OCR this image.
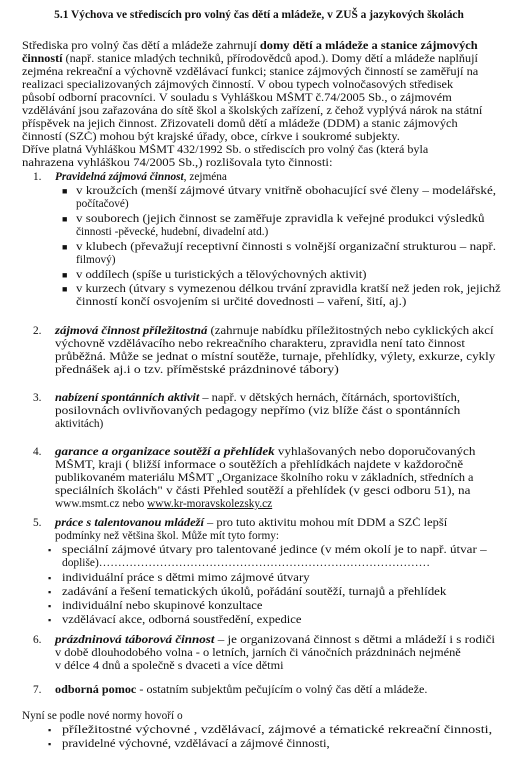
5.1 Výchova ve střediscích pro volný čas dětí a mládeže, v ZUŠ a jazykových školách
Střediska pro volný čas dětí a mládeže zahrnují domy dětí a mládeže a stanice zájmových
činností (např. stanice mladých techniků, přírodovědců apod.). Domy dětí a mládeže naplňují
zejména rekreační a výchovně vzdělávací funkci; stanice zájmových činností se zaměřují na
realizaci specializovaných zájmových činností. V obou typech volnočasových středisek
působí odborní pracovníci. V souladu s Vyhláškou MŠMT č.74/2005 Sb., o zájmovém
vzdělávání jsou zařazována do sítě škol a školských zařízení, z čehož vyplývá nárok na státní
příspěvek na jejich činnost. Zřizovateli domů dětí a mládeže (DDM) a stanic zájmových
činností (SZČ) mohou být krajské úřady, obce, církve i soukromé subjekty.
Dříve platná Vyhláškou MŠMT 432/1992 Sb. o střediscích pro volný čas (která byla
nahrazena vyhláškou 74/2005 Sb.,) rozlišovala tyto činnosti:
1. Pravidelná zájmová činnost, zejména
■ v kroužcích (menší zájmové útvary vnitřně obohacující své členy – modelářské,
počítačové)
■ v souborech (jejich činnost se zaměřuje zpravidla k veřejné produkci výsledků
činnosti -pěvecké, hudební, divadelní atd.)
■ v klubech (převažují receptivní činnosti s volnější organizační strukturou – např.
filmový)
■ v oddílech (spíše u turistických a tělovýchovných aktivit)
■ v kurzech (útvary s vymezenou délkou trvání zpravidla kratší než jeden rok, jejichž
činností končí osvojením si určité dovednosti – vaření, šití, aj.)
2. zájmová činnost příležitostná (zahrnuje nabídku příležitostných nebo cyklických akcí
výchovně vzdělávacího nebo rekreačního charakteru, zpravidla není tato činnost
průběžná. Může se jednat o místní soutěže, turnaje, přehlídky, výlety, exkurze, cykly
přednášek aj.i o tzv. příměstské prázdninové tábory)
3. nabízení spontánních aktivit – např. v dětských hernách, čítárnách, sportovištích,
posilovnách ovlivňovaných pedagogy nepřímo (viz blíže část o spontánních
aktivitách)
4. garance a organizace soutěží a přehlídek vyhlašovaných nebo doporučovaných
MŠMT, kraji ( bližší informace o soutěžích a přehlídkách najdete v každoročně
publikovaném materiálu MŠMT „Organizace školního roku v základních, středních a
speciálních školách" v části Přehled soutěží a přehlídek (v gesci odboru 51), na
www.msmt.cz nebo www.kr-moravskolezsky.cz
5. práce s talentovanou mládeží – pro tuto aktivitu mohou mít DDM a SZČ lepší
podmínky než většina škol. Může mít tyto formy:
▪ speciální zájmové útvary pro talentované jedince (v mém okolí je to např. útvar –
dopliše)……………………………………………………………………………
▪ individuální práce s dětmi mimo zájmové útvary
▪ zadávání a řešení tematických úkolů, pořádání soutěží, turnajů a přehlídek
▪ individuální nebo skupinové konzultace
▪ vzdělávací akce, odborná soustředění, expedice
6. prázdninová táborová činnost – je organizovaná činnost s dětmi a mládeží i s rodiči
v době dlouhodobého volna - o letních, jarních či vánočních prázdninách nejméně
v délce 4 dnů a společně s dvaceti a více dětmi
7. odborná pomoc - ostatním subjektům pečujícím o volný čas dětí a mládeže.
Nyní se podle nové normy hovoří o
▪ příležitostné výchovné , vzdělávací, zájmové a tématické rekreační činnosti,
▪ pravidelné výchovné, vzdělávací a zájmové činnosti,
